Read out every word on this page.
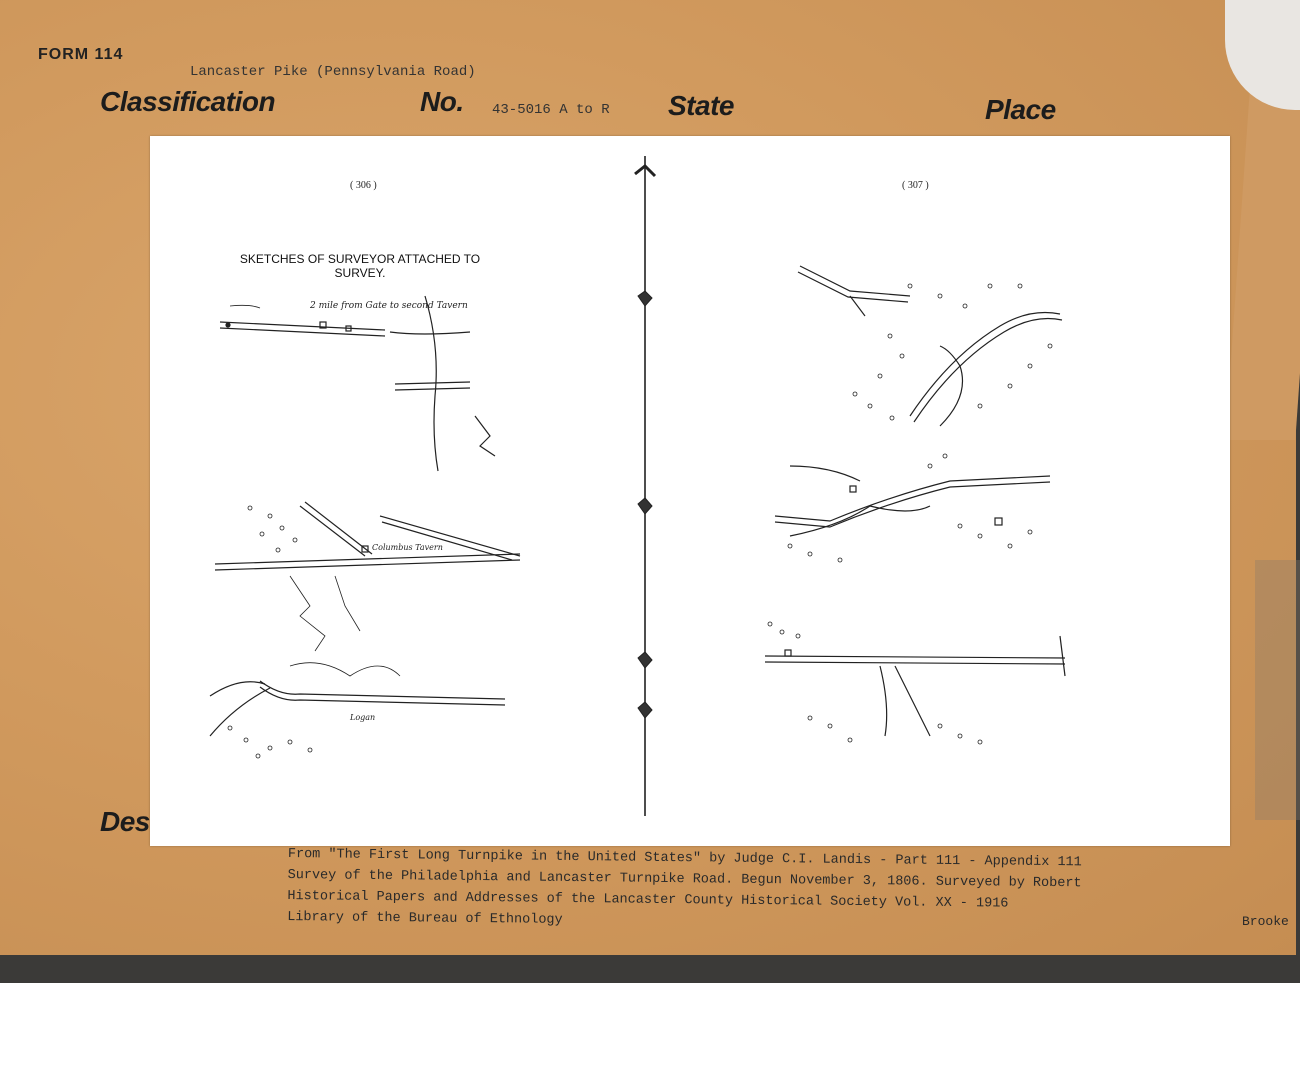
FORM 114
Lancaster Pike (Pennsylvania Road)
Classification	No. 43-5016 A to R State	Place
Des
( 306 )	( 307 )
SKETCHES OF SURVEYOR ATTACHED TO
SURVEY.
2 mile from Gate to second Tavern
Columbus Tavern
Logan
From "The First Long Turnpike in the United States" by Judge C.I. Landis - Part 111 - Appendix 111
Survey of the Philadelphia and Lancaster Turnpike Road. Begun November 3, 1806. Surveyed by Robert
Historical Papers and Addresses of the Lancaster County Historical Society Vol. XX - 1916
Library of the Bureau of Ethnology	Brooke
